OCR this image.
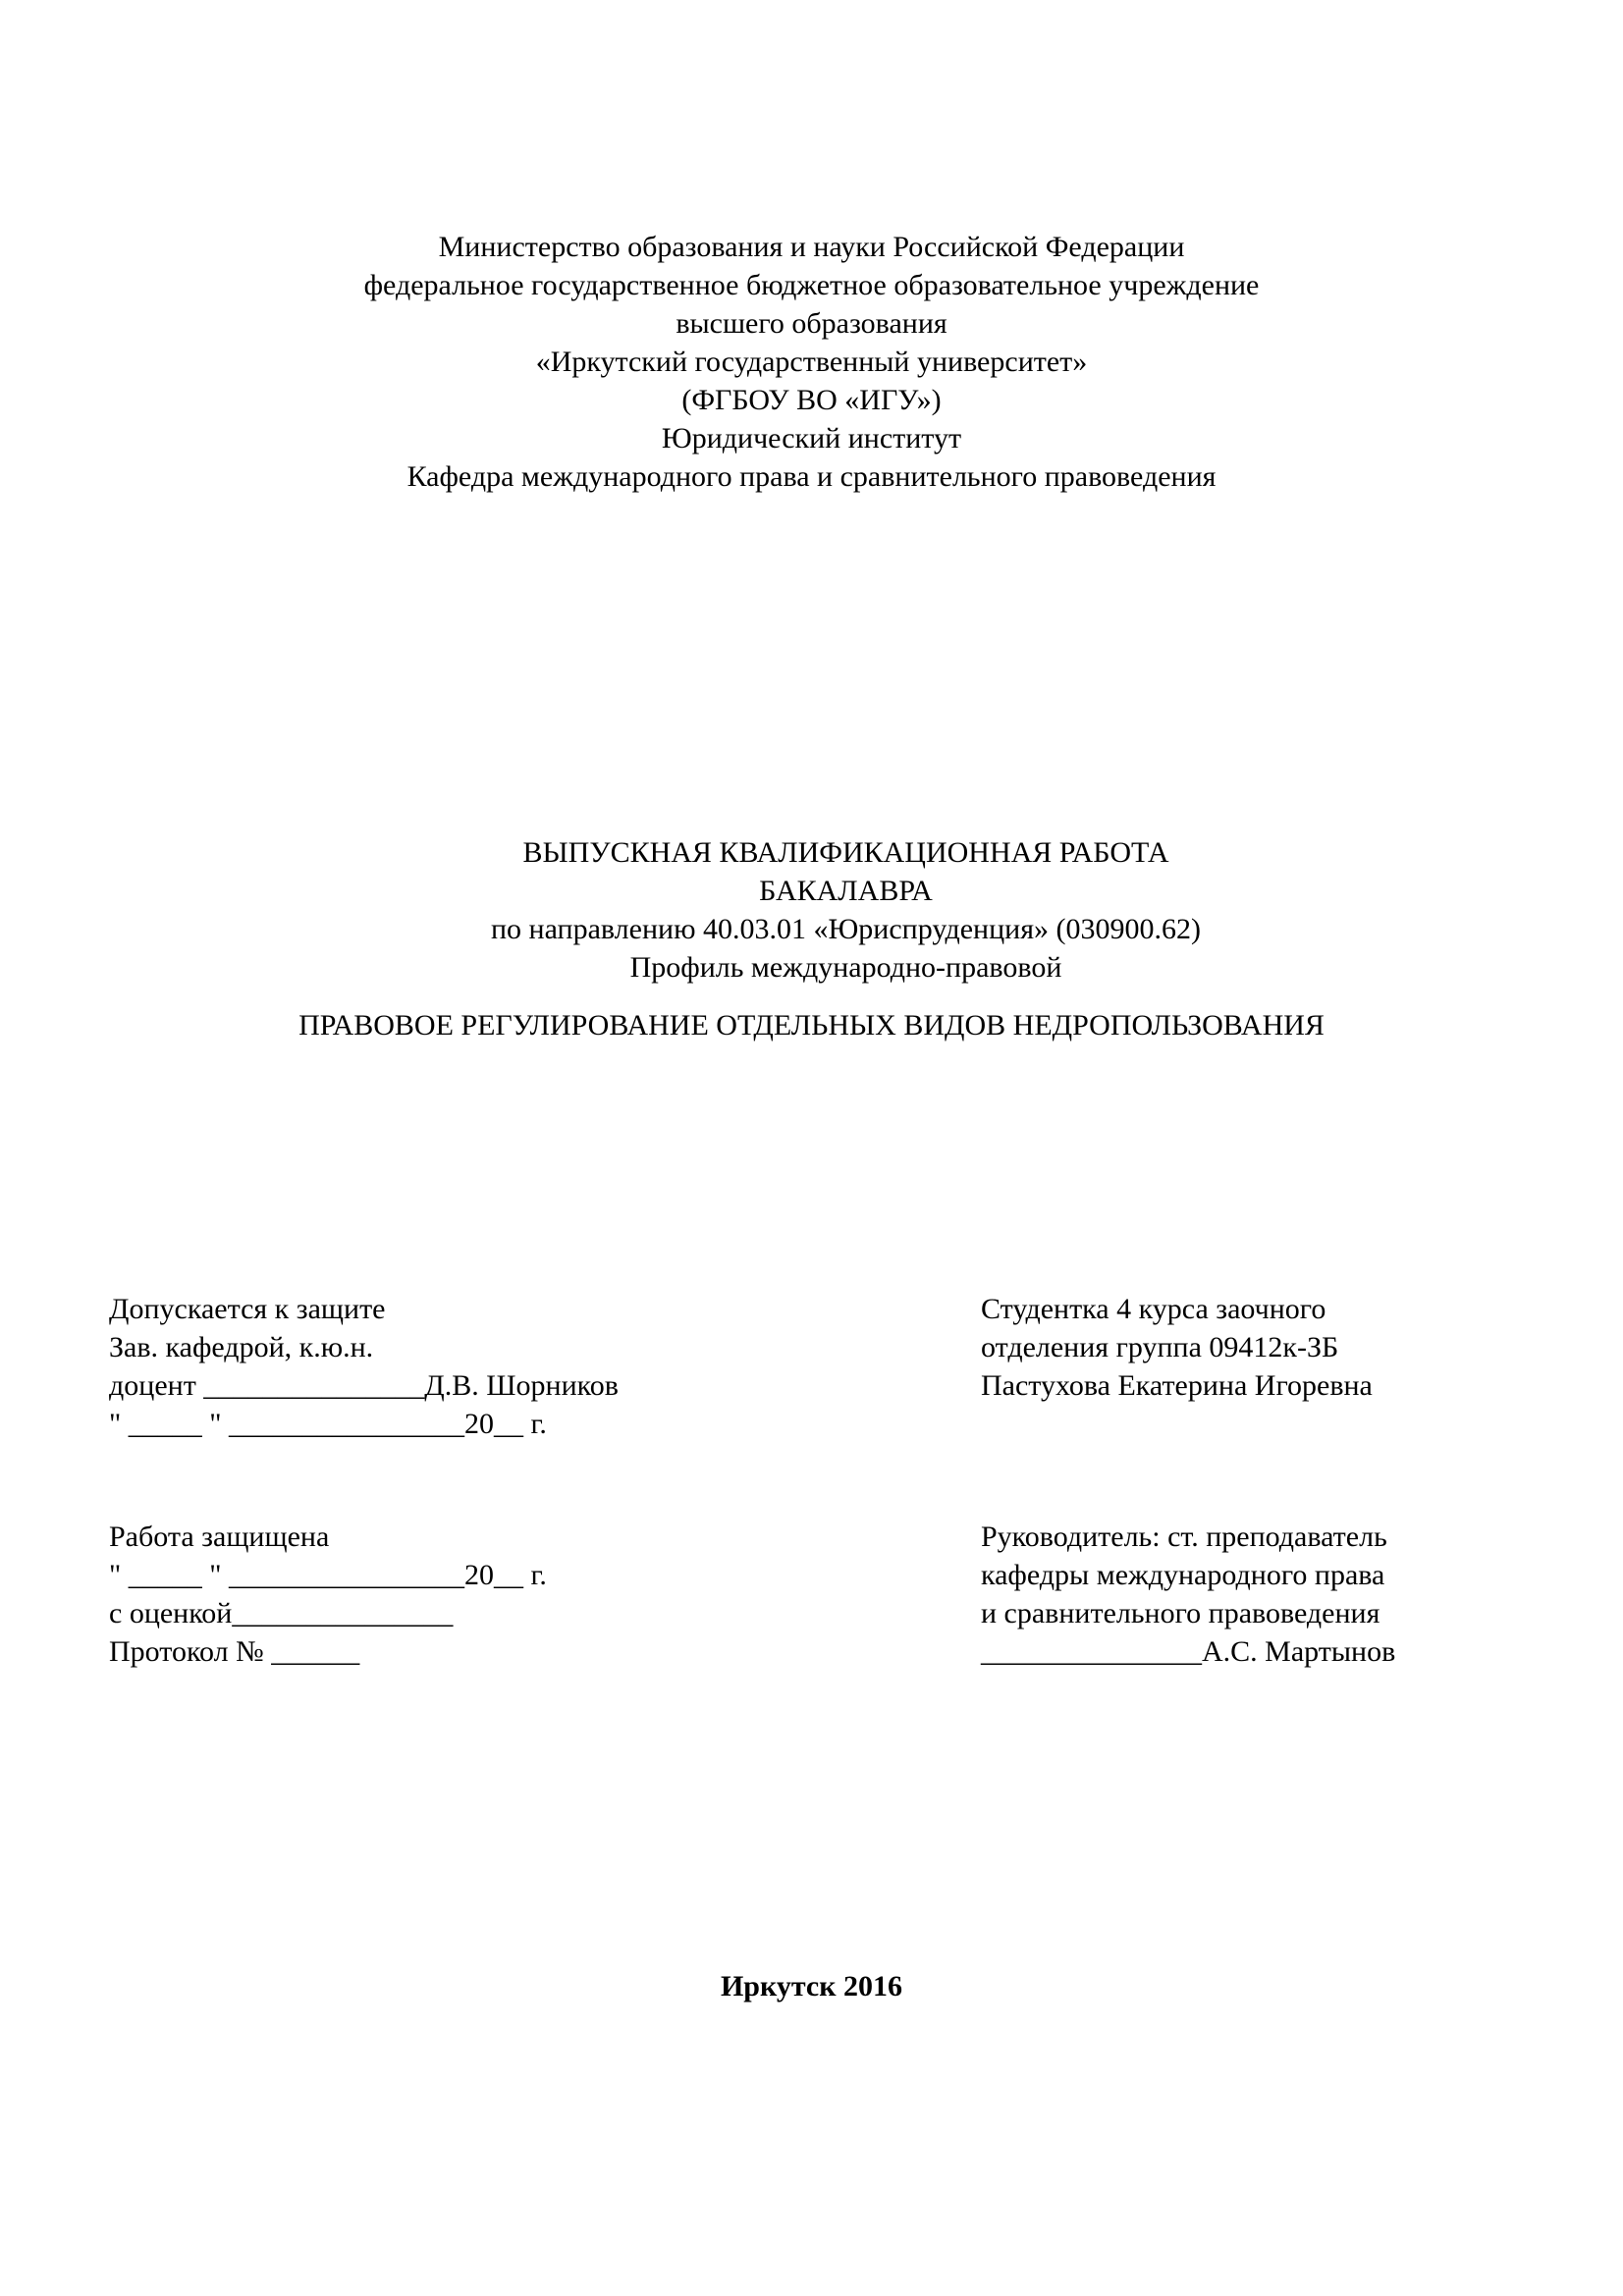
Министерство образования и науки Российской Федерации

федеральное государственное бюджетное образовательное учреждение

высшего образования

«Иркутский государственный университет»

(ФГБОУ ВО «ИГУ»)

Юридический институт

Кафедра международного права и сравнительного правоведения

ВЫПУСКНАЯ КВАЛИФИКАЦИОННАЯ РАБОТА

БАКАЛАВРА

по направлению 40.03.01 «Юриспруденция» (030900.62)

Профиль международно-правовой

ПРАВОВОЕ РЕГУЛИРОВАНИЕ ОТДЕЛЬНЫХ ВИДОВ НЕДРОПОЛЬЗОВАНИЯ

Допускается к защите

Зав. кафедрой, к.ю.н.

доцент _______________Д.В. Шорников

" _____ " ________________20__ г.

Студентка 4 курса заочного

отделения группа 09412к-ЗБ

Пастухова Екатерина Игоревна

Работа защищена

" _____ " ________________20__ г.

с оценкой_______________

Протокол № ______

Руководитель: ст. преподаватель

кафедры международного права

и сравнительного правоведения

_______________А.С. Мартынов

Иркутск 2016
